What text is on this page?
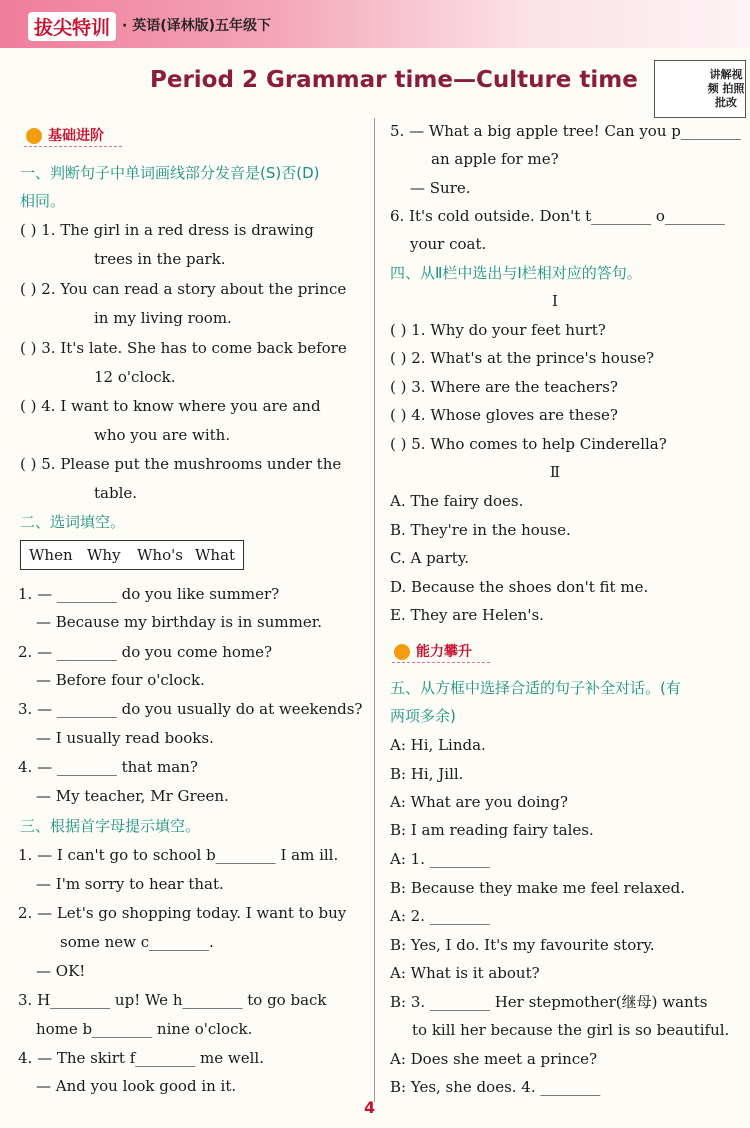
拔尖特训 · 英语(译林版)五年级下
Period 2 Grammar time—Culture time	讲解视频 拍照批改
When Why Who's What
基础进阶
一、判断句子中单词画线部分发音是(S)否(D)
相同。
( ) 1. The girl in a red dress is drawing
trees in the park.
( ) 2. You can read a story about the prince
in my living room.
( ) 3. It's late. She has to come back before
12 o'clock.
( ) 4. I want to know where you are and
who you are with.
( ) 5. Please put the mushrooms under the
table.
二、选词填空。
1. — ________ do you like summer?
— Because my birthday is in summer.
2. — ________ do you come home?
— Before four o'clock.
3. — ________ do you usually do at weekends?
— I usually read books.
4. — ________ that man?
— My teacher, Mr Green.
三、根据首字母提示填空。
1. — I can't go to school b________ I am ill.
— I'm sorry to hear that.
2. — Let's go shopping today. I want to buy
some new c________.
— OK!
3. H________ up! We h________ to go back
home b________ nine o'clock.
4. — The skirt f________ me well.
— And you look good in it.
5. — What a big apple tree! Can you p________
an apple for me?
— Sure.
6. It's cold outside. Don't t________ o________
your coat.
四、从Ⅱ栏中选出与Ⅰ栏相对应的答句。
Ⅰ
( ) 1. Why do your feet hurt?
( ) 2. What's at the prince's house?
( ) 3. Where are the teachers?
( ) 4. Whose gloves are these?
( ) 5. Who comes to help Cinderella?
Ⅱ
A. The fairy does.
B. They're in the house.
C. A party.
D. Because the shoes don't fit me.
E. They are Helen's.
能力攀升
五、从方框中选择合适的句子补全对话。(有
两项多余)
A: Hi, Linda.
B: Hi, Jill.
A: What are you doing?
B: I am reading fairy tales.
A: 1. ________
B: Because they make me feel relaxed.
A: 2. ________
B: Yes, I do. It's my favourite story.
A: What is it about?
B: 3. ________ Her stepmother(继母) wants
to kill her because the girl is so beautiful.
A: Does she meet a prince?
B: Yes, she does. 4. ________
4
